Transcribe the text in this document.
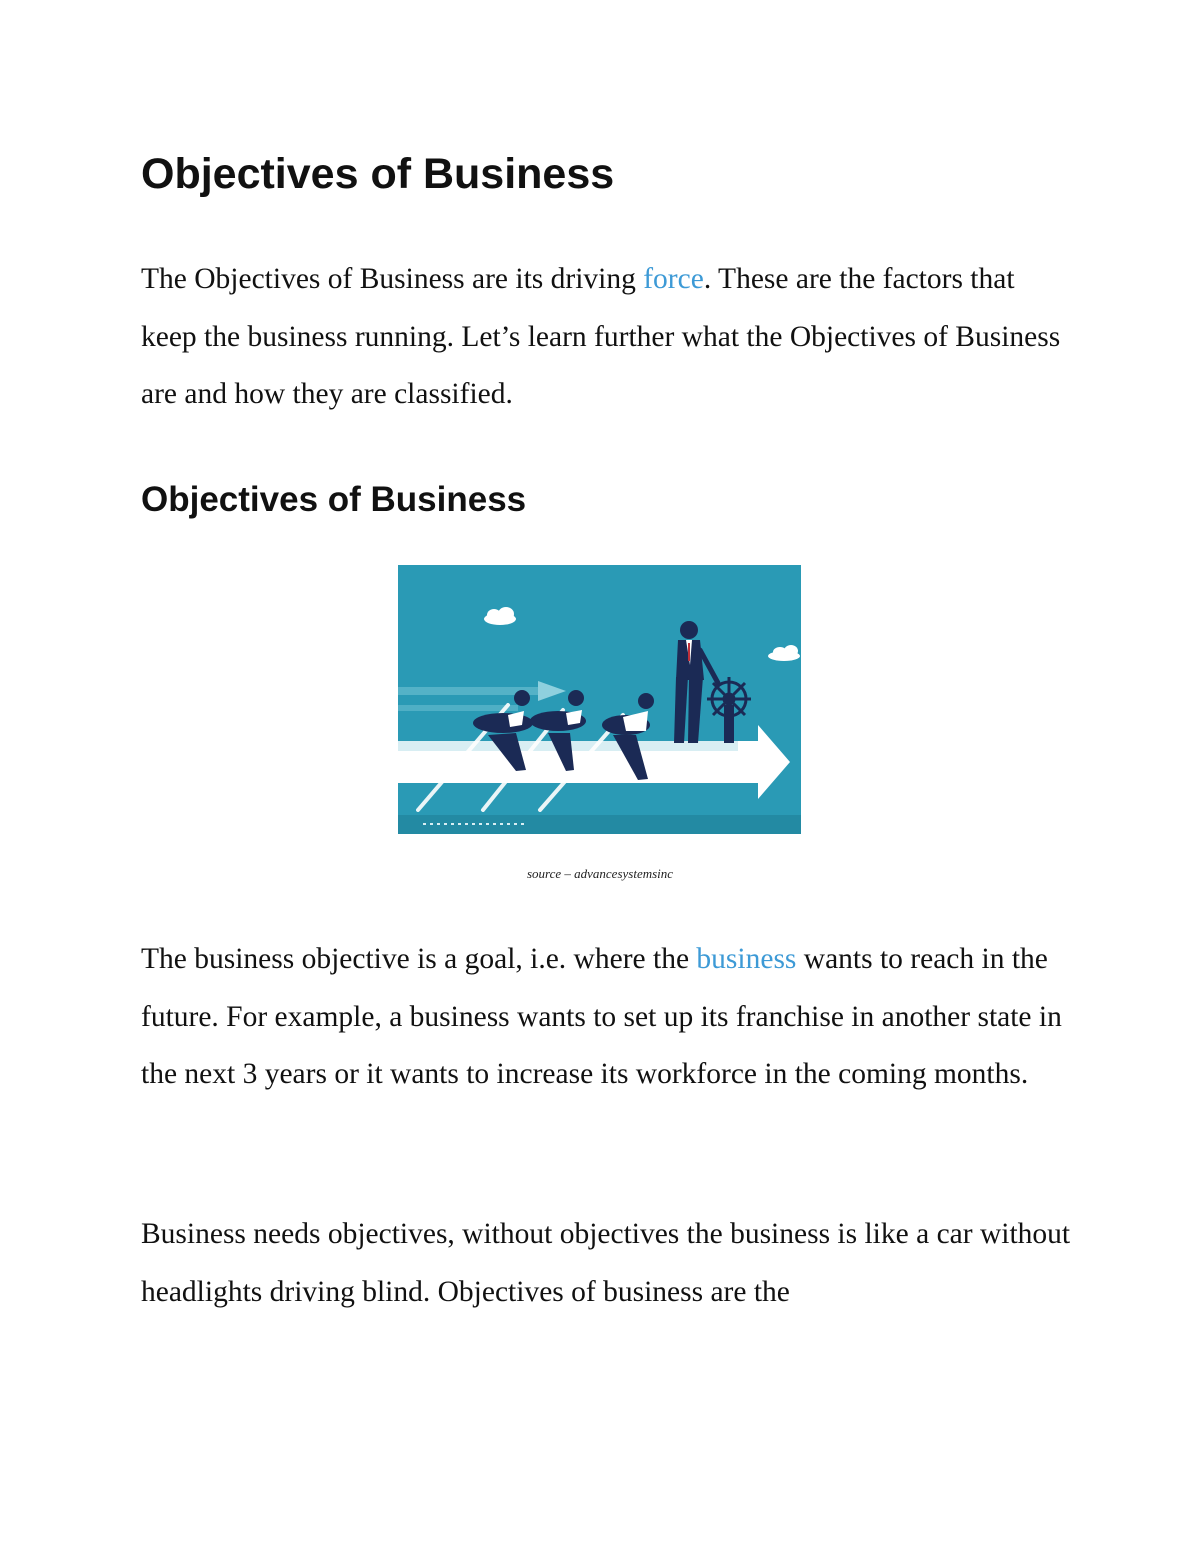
Objectives of Business

The Objectives of Business are its driving force. These are the factors that keep the business running. Let’s learn further what the Objectives of Business are and how they are classified.

Objectives of Business
source – advancesystemsinc

The business objective is a goal, i.e. where the business wants to reach in the future. For example, a business wants to set up its franchise in another state in the next 3 years or it wants to increase its workforce in the coming months.

Business needs objectives, without objectives the business is like a car without headlights driving blind. Objectives of business are the
